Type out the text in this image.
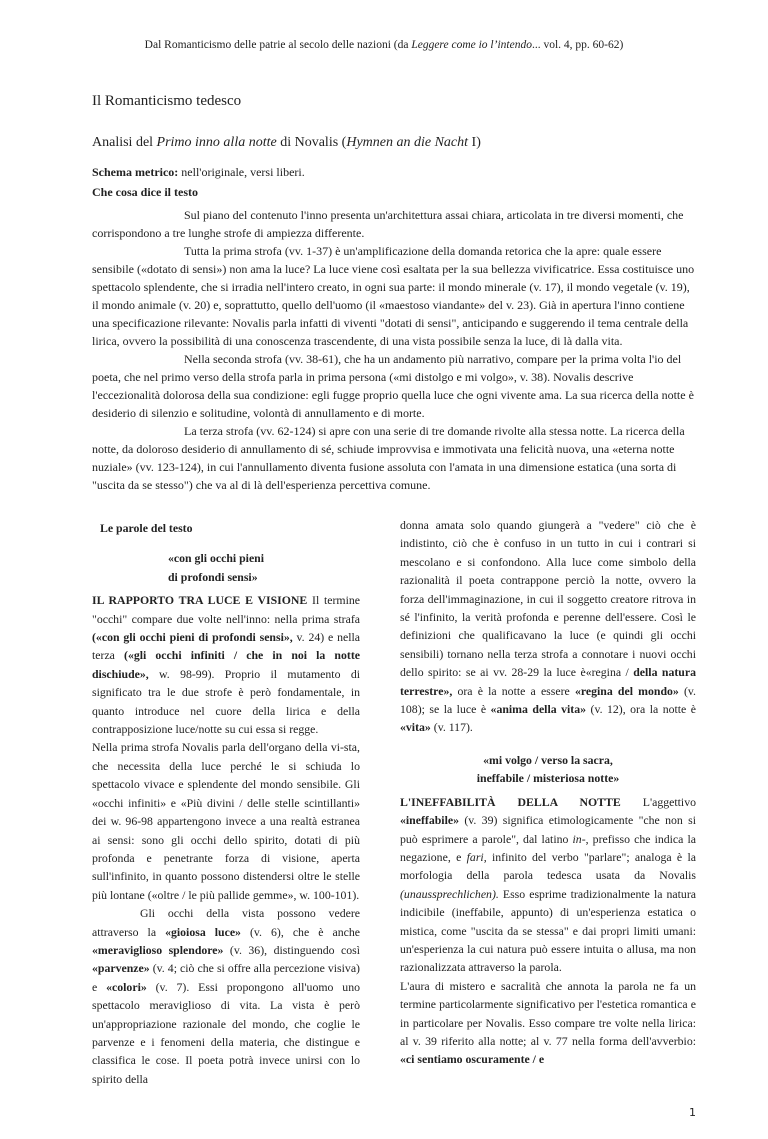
Dal Romanticismo delle patrie al secolo delle nazioni (da Leggere come io l’intendo... vol. 4, pp. 60-62)
Il Romanticismo tedesco
Analisi del Primo inno alla notte di Novalis (Hymnen an die Nacht I)
Schema metrico: nell'originale, versi liberi.
Che cosa dice il testo

Sul piano del contenuto l'inno presenta un'architettura assai chiara, articolata in tre diversi momenti, che corrispondono a tre lunghe strofe di ampiezza differente.

Tutta la prima strofa (vv. 1-37) è un'amplificazione della domanda retorica che la apre: quale essere sensibile («dotato di sensi») non ama la luce? La luce viene così esaltata per la sua bellezza vivificatrice. Essa costituisce uno spettacolo splendente, che si irradia nell'intero creato, in ogni sua parte: il mondo minerale (v. 17), il mondo vegetale (v. 19), il mondo animale (v. 20) e, soprattutto, quello dell'uomo (il «maestoso viandante» del v. 23). Già in apertura l'inno contiene una specificazione rilevante: Novalis parla infatti di viventi "dotati di sensi", anticipando e suggerendo il tema centrale della lirica, ovvero la possibilità di una conoscenza trascendente, di una vista possibile senza la luce, di là dalla vita.

Nella seconda strofa (vv. 38-61), che ha un andamento più narrativo, compare per la prima volta l'io del poeta, che nel primo verso della strofa parla in prima persona («mi distolgo e mi volgo», v. 38). Novalis descrive l'eccezionalità dolorosa della sua condizione: egli fugge proprio quella luce che ogni vivente ama. La sua ricerca della notte è desiderio di silenzio e solitudine, volontà di annullamento e di morte.

La terza strofa (vv. 62-124) si apre con una serie di tre domande rivolte alla stessa notte. La ricerca della notte, da doloroso desiderio di annullamento di sé, schiude improvvisa e immotivata una felicità nuova, una «eterna notte nuziale» (vv. 123-124), in cui l'annullamento diventa fusione assoluta con l'amata in una dimensione estatica (una sorta di "uscita da se stesso") che va al di là dell'esperienza percettiva comune.

Le parole del testo

«con gli occhi pieni
di profondi sensi»

IL RAPPORTO TRA LUCE E VISIONE Il termine "occhi" compare due volte nell'inno: nella prima strafa («con gli occhi pieni di profondi sensi», v. 24) e nella terza («gli occhi infiniti / che in noi la notte dischiude», w. 98-99). Proprio il mutamento di significato tra le due strofe è però fondamentale, in quanto introduce nel cuore della lirica e della contrapposizione luce/notte su cui essa si regge.

Nella prima strofa Novalis parla dell'organo della vi-sta, che necessita della luce perché le si schiuda lo spettacolo vivace e splendente del mondo sensibile. Gli «occhi infiniti» e «Più divini / delle stelle scintillanti» dei w. 96-98 appartengono invece a una realtà estranea ai sensi: sono gli occhi dello spirito, dotati di più profonda e penetrante forza di visione, aperta sull'infinito, in quanto possono distendersi oltre le stelle più lontane («oltre / le più pallide gemme», w. 100-101).

Gli occhi della vista possono vedere attraverso la «gioiosa luce» (v. 6), che è anche «meraviglioso splendore» (v. 36), distinguendo così «parvenze» (v. 4; ciò che si offre alla percezione visiva) e «colori» (v. 7). Essi propongono all'uomo uno spettacolo meraviglioso di vita. La vista è però un'appropriazione razionale del mondo, che coglie le parvenze e i fenomeni della materia, che distingue e classifica le cose. Il poeta potrà invece unirsi con lo spirito della

donna amata solo quando giungerà a "vedere" ciò che è indistinto, ciò che è confuso in un tutto in cui i contrari si mescolano e si confondono. Alla luce come simbolo della razionalità il poeta contrappone perciò la notte, ovvero la forza dell'immaginazione, in cui il soggetto creatore ritrova in sé l'infinito, la verità profonda e perenne dell'essere. Così le definizioni che qualificavano la luce (e quindi gli occhi sensibili) tornano nella terza strofa a connotare i nuovi occhi dello spirito: se ai vv. 28-29 la luce è«regina / della natura terrestre», ora è la notte a essere «regina del mondo» (v. 108); se la luce è «anima della vita» (v. 12), ora la notte è «vita» (v. 117).

«mi volgo / verso la sacra,
ineffabile / misteriosa notte»

L'INEFFABILITÀ DELLA NOTTE L'aggettivo «ineffabile» (v. 39) significa etimologicamente "che non si può esprimere a parole", dal latino in-, prefisso che indica la negazione, e fari, infinito del verbo "parlare"; analoga è la morfologia della parola tedesca usata da Novalis (unaussprechlichen). Esso esprime tradizionalmente la natura indicibile (ineffabile, appunto) di un'esperienza estatica o mistica, come "uscita da se stessa" e dai propri limiti umani: un'esperienza la cui natura può essere intuita o allusa, ma non razionalizzata attraverso la parola.

L'aura di mistero e sacralità che annota la parola ne fa un termine particolarmente significativo per l'estetica romantica e in particolare per Novalis. Esso compare tre volte nella lirica: al v. 39 riferito alla notte; al v. 77 nella forma dell'avverbio: «ci sentiamo oscuramente / e

1
